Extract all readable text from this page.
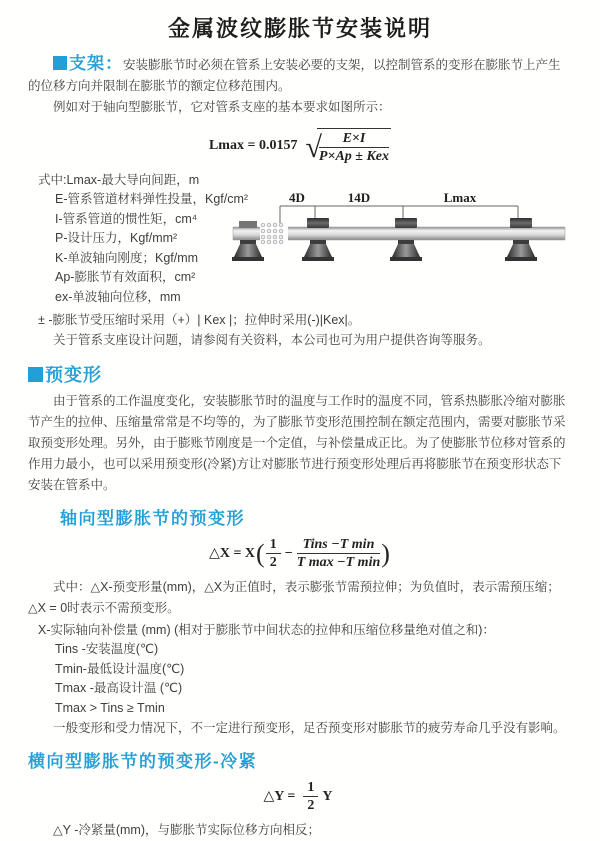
金属波纹膨胀节安装说明

支架：安装膨胀节时必须在管系上安装必要的支架，以控制管系的变形在膨胀节上产生的位移方向并限制在膨胀节的额定位移范围内。

例如对于轴向型膨胀节，它对管系支座的基本要求如图所示：

Lmax = 0.0157 √
$\frac{E\times I}{\text{P×Ap ± Kex}}$
式中:Lmax-最大导向间距，m
E-管系管道材料弹性投量，Kgf/cm²
I-管系管道的惯性矩，cm⁴
P-设计压力，Kgf/mm²
K-单波轴向刚度；Kgf/mm
Ap-膨胀节有效面积，cm²
ex-单波轴向位移，mm
4D	14D	Lmax

± -膨胀节受压缩时采用（+）| Kex |；拉伸时采用(-)|Kex|。

关于管系支座设计问题，请参阅有关资料，本公司也可为用户提供咨询等服务。

预变形

由于管系的工作温度变化，安装膨胀节时的温度与工作时的温度不同，管系热膨胀冷缩对膨胀节产生的拉伸、压缩量常常是不均等的，为了膨胀节变形范围控制在额定范围内，需要对膨胀节采取预变形处理。另外，由于膨账节刚度是一个定值，与补偿量成正比。为了使膨胀节位移对管系的作用力最小，也可以采用预变形(冷紧)方让对膨胀节进行预变形处理后再将膨胀节在预变形状态下安装在管系中。

轴向型膨胀节的预变形
△X = X ( $\frac{1}{2} - \frac{\text{Tins −T min}}{\text{T max −T min}}$ )

式中：△X-预变形量(mm)，△X为正值时，表示膨张节需预拉伸；为负值时，表示需预压缩；△X = 0时表示不需预变形。

X-实际轴向补偿量 (mm) (相对于膨胀节中间状态的拉伸和压缩位移量绝对值之和)：
Tins -安装温度(℃)
Tmin-最低设计温度(℃)
Tmax -最高设计温 (℃)
Tmax > Tins ≥ Tmin

一般变形和受力情况下，不一定进行预变形，足否预变形对膨胀节的疲劳寿命几乎没有影响。

横向型膨胀节的预变形-冷紧
△Y = $\frac{1}{2}$ Y

△Y -冷紧量(mm)，与膨胀节实际位移方向相反；
